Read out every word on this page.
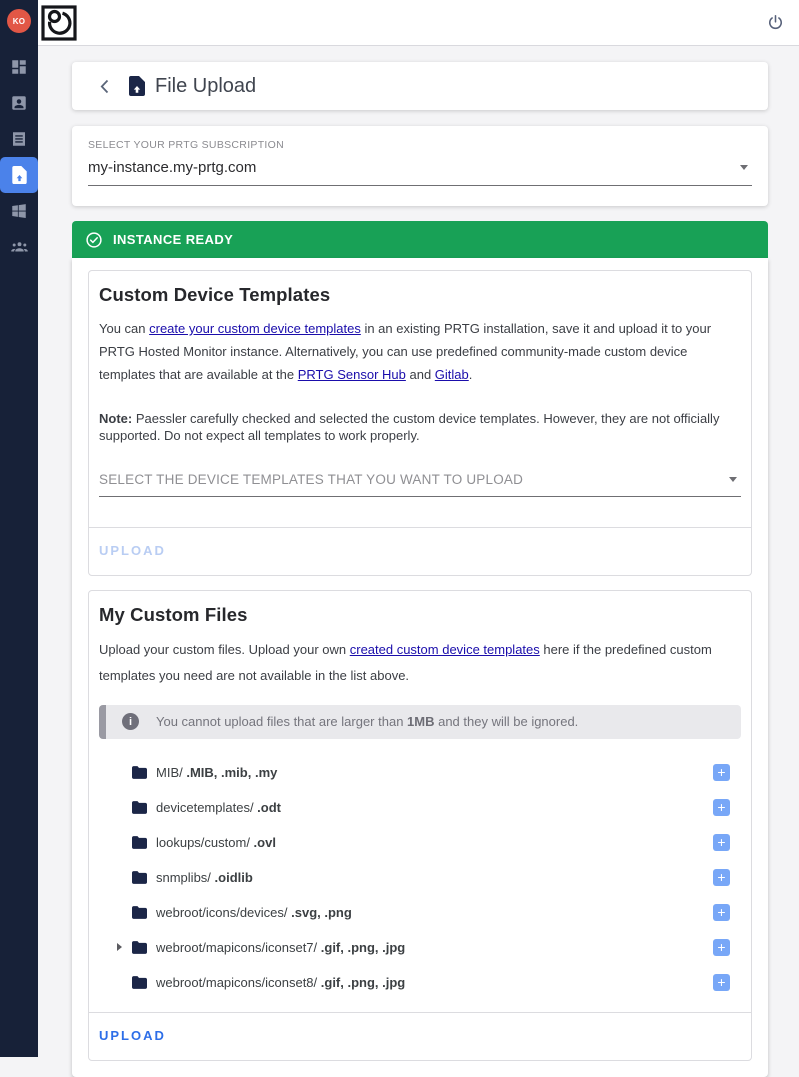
KO
File Upload
SELECT YOUR PRTG SUBSCRIPTION
my-instance.my-prtg.com
INSTANCE READY
Custom Device Templates

You can create your custom device templates in an existing PRTG installation, save it and upload it to your PRTG Hosted Monitor instance. Alternatively, you can use predefined community-made custom device templates that are available at the PRTG Sensor Hub and Gitlab.

Note: Paessler carefully checked and selected the custom device templates. However, they are not officially supported. Do not expect all templates to work properly.

SELECT THE DEVICE TEMPLATES THAT YOU WANT TO UPLOAD
UPLOAD
My Custom Files

Upload your custom files. Upload your own created custom device templates here if the predefined custom templates you need are not available in the list above.

i	You cannot upload files that are larger than 1MB and they will be ignored.
MIB/ .MIB, .mib, .my	+
devicetemplates/ .odt	+
lookups/custom/ .ovl	+
snmplibs/ .oidlib	+
webroot/icons/devices/ .svg, .png	+
webroot/mapicons/iconset7/ .gif, .png, .jpg	+
webroot/mapicons/iconset8/ .gif, .png, .jpg	+
UPLOAD
